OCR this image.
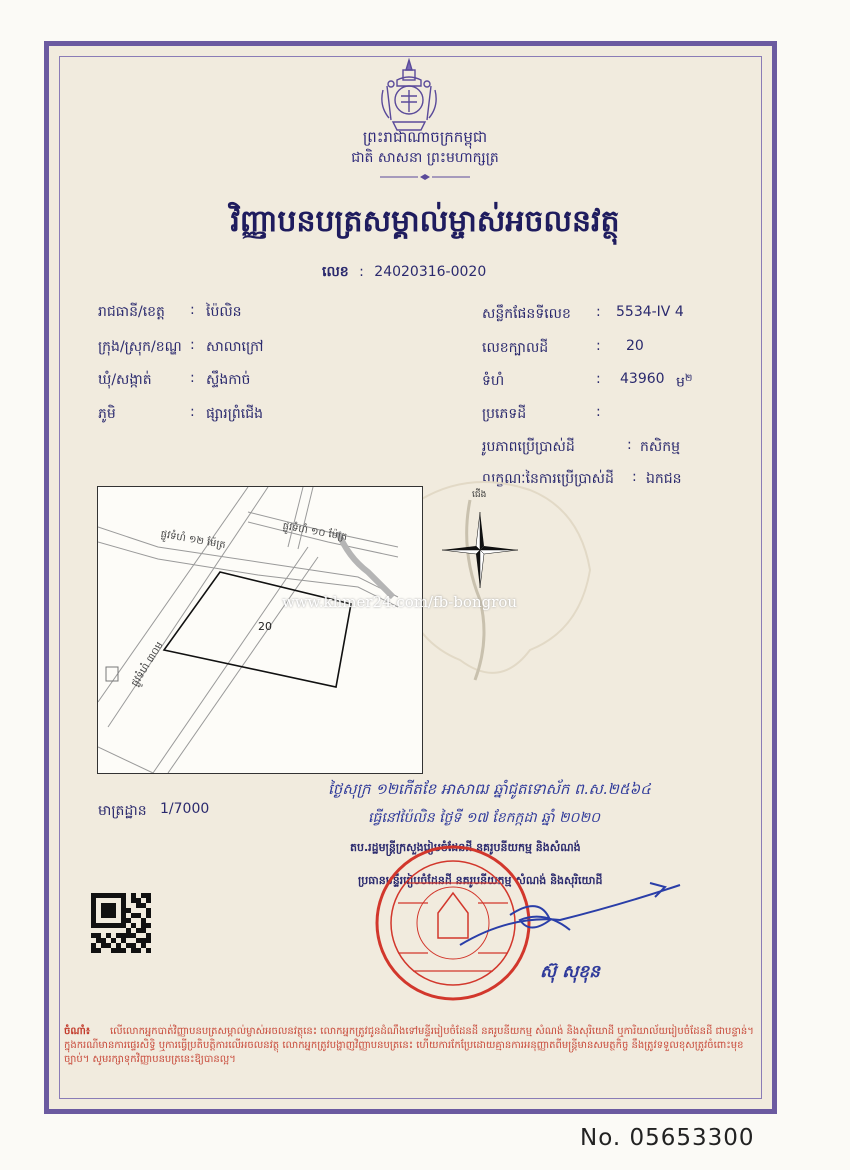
ព្រះរាជាណាចក្រកម្ពុជា
ជាតិ សាសនា ព្រះមហាក្សត្រ
វិញ្ញាបនបត្រសម្គាល់ម្ចាស់អចលនវត្ថុ
លេខ : 24020316-0020
រាជធានី/ខេត្ត : ប៉ៃលិន
ក្រុង/ស្រុក/ខណ្ឌ : សាលាក្រៅ
ឃុំ/សង្កាត់	: ស្ទឹងកាច់
ភូមិ	: ផ្សារព្រំជើង
សន្លឹកផែនទីលេខ : 5534-IV 4
លេខក្បាលដី	: 20
ទំហំ	: 43960 ម$^២$
ប្រភេទដី	:
រូបភាពប្រើប្រាស់ដី	: កសិកម្ម
លក្ខណៈនៃការប្រើប្រាស់ដី : ឯកជន
20
ផ្លូវទំហំ ១២ ម៉ែត្រ	ផ្លូវទំហំ ១០ ម៉ែត្រ
ផ្លូវទំហំ ៣០ម
ជើង
www.khmer24.com/fb-bongrou
មាត្រដ្ឋាន 1/7000
ថ្ងៃសុក្រ ១២កើតខែ អាសាឍ ឆ្នាំជូតទោស័ក ព.ស.២៥៦៤
ធ្វើនៅប៉ៃលិន ថ្ងៃទី ១៧ ខែកក្កដា ឆ្នាំ ២០២០
តប.រដ្ឋមន្ត្រីក្រសួងរៀបចំដែនដី នគរូបនីយកម្ម និងសំណង់
ប្រធានមន្ទីររៀបចំដែនដី នគរូបនីយកម្ម សំណង់ និងសុរិយោដី
ស៊ុ សុខុន
ចំណាំ៖ លើលោកអ្នកបាត់វិញ្ញាបនបត្រសម្គាល់ម្ចាស់អចលនវត្ថុនេះ លោកអ្នកត្រូវជូនដំណឹងទៅមន្ទីររៀបចំដែនដី នគរូបនីយកម្ម សំណង់ និងសុរិយោដី ឬការិយាល័យរៀបចំដែនដី ជាបន្ទាន់។ ក្នុងករណីមានការផ្ទេរសិទ្ធិ ឬការធ្វើប្រតិបត្តិការលើអចលនវត្ថុ លោកអ្នកត្រូវបង្ហាញវិញ្ញាបនបត្រនេះ ហើយការកែប្រែដោយគ្មានការអនុញ្ញាតពីមន្ត្រីមានសមត្ថកិច្ច នឹងត្រូវទទួលខុសត្រូវចំពោះមុខច្បាប់។ សូមរក្សាទុកវិញ្ញាបនបត្រនេះឱ្យបានល្អ។
No. 05653300
